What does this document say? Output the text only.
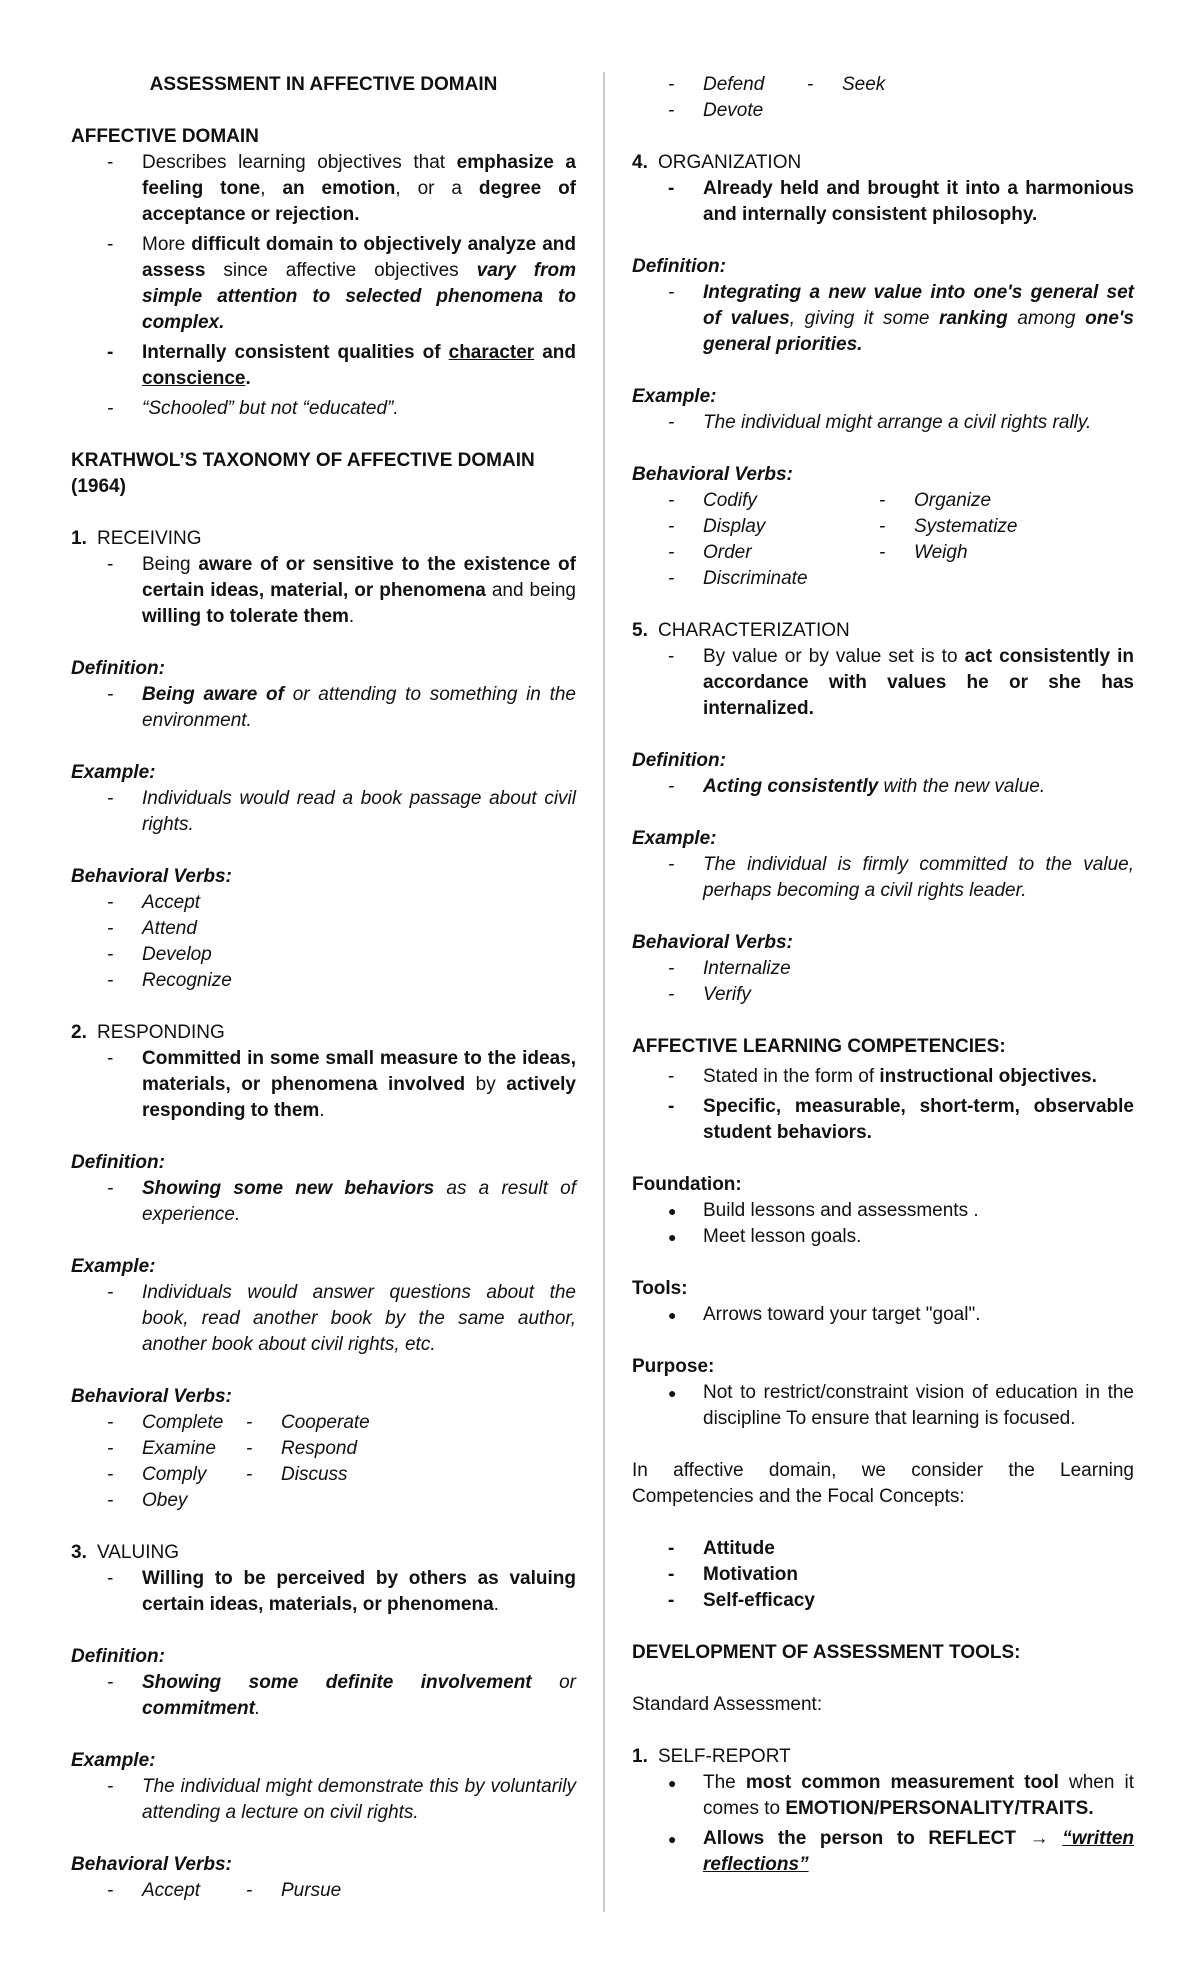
ASSESSMENT IN AFFECTIVE DOMAIN
AFFECTIVE DOMAIN
- Describes learning objectives that emphasize a feeling tone, an emotion, or a degree of acceptance or rejection.
- More difficult domain to objectively analyze and assess since affective objectives vary from simple attention to selected phenomena to complex.
- Internally consistent qualities of character and conscience.
- “Schooled” but not “educated”.
KRATHWOL’S TAXONOMY OF AFFECTIVE DOMAIN (1964)
1. RECEIVING
- Being aware of or sensitive to the existence of certain ideas, material, or phenomena and being willing to tolerate them.
Definition:
- Being aware of or attending to something in the environment.
Example:
- Individuals would read a book passage about civil rights.
Behavioral Verbs:
- Accept
- Attend
- Develop
- Recognize
2. RESPONDING
- Committed in some small measure to the ideas, materials, or phenomena involved by actively responding to them.
Definition:
- Showing some new behaviors as a result of experience.
Example:
- Individuals would answer questions about the book, read another book by the same author, another book about civil rights, etc.
Behavioral Verbs:
- Complete	- Cooperate
- Examine	- Respond
- Comply	- Discuss
- Obey
3. VALUING
- Willing to be perceived by others as valuing certain ideas, materials, or phenomena.
Definition:
- Showing some definite involvement or commitment.
Example:
- The individual might demonstrate this by voluntarily attending a lecture on civil rights.
Behavioral Verbs:
- Accept	- Pursue
- Defend	- Seek
- Devote
4. ORGANIZATION
- Already held and brought it into a harmonious and internally consistent philosophy.
Definition:
- Integrating a new value into one's general set of values, giving it some ranking among one's general priorities.
Example:
- The individual might arrange a civil rights rally.
Behavioral Verbs:
- Codify	- Organize
- Display	- Systematize
- Order	- Weigh
- Discriminate
5. CHARACTERIZATION
- By value or by value set is to act consistently in accordance with values he or she has internalized.
Definition:
- Acting consistently with the new value.
Example:
- The individual is firmly committed to the value, perhaps becoming a civil rights leader.
Behavioral Verbs:
- Internalize
- Verify
AFFECTIVE LEARNING COMPETENCIES:
- Stated in the form of instructional objectives.
- Specific, measurable, short-term, observable student behaviors.
Foundation:
● Build lessons and assessments .
● Meet lesson goals.
Tools:
● Arrows toward your target "goal".
Purpose:
● Not to restrict/constraint vision of education in the discipline To ensure that learning is focused.
In affective domain, we consider the Learning Competencies and the Focal Concepts:
- Attitude
- Motivation
- Self-efficacy
DEVELOPMENT OF ASSESSMENT TOOLS:
Standard Assessment:
1. SELF-REPORT
● The most common measurement tool when it comes to EMOTION/PERSONALITY/TRAITS.
● Allows the person to REFLECT → “written reflections”
